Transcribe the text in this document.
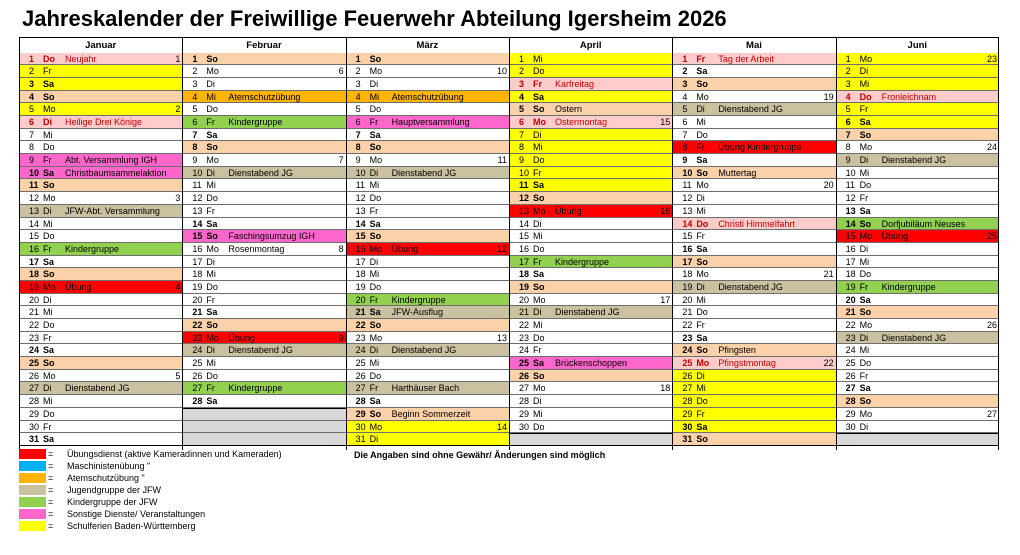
Jahreskalender der Freiwillige Feuerwehr Abteilung Igersheim 2026
Januar
1 Do	Neujahr	1
2 Fr
3 Sa
4 So
5 Mo	2
6 Di	Heilige Drei Könige
7 Mi
8 Do
9 Fr	Abt. Versammlung IGH
10 Sa	Christbaumsammelaktion
11 So
12 Mo	3
13 Di	JFW-Abt. Versammlung
14 Mi
15 Do
16 Fr	Kindergruppe
17 Sa
18 So
19 Mo	Übung	4
20 Di
21 Mi
22 Do
23 Fr
24 Sa
25 So
26 Mo	5
27 Di	Dienstabend JG
28 Mi
29 Do
30 Fr
31 Sa
Februar
1 So
2 Mo	6
3 Di
4 Mi	Atemschutzübung
5 Do
6 Fr	Kindergruppe
7 Sa
8 So
9 Mo	7
10 Di	Dienstabend JG
11 Mi
12 Do
13 Fr
14 Sa
15 So	Faschingsumzug IGH
16 Mo	Rosenmontag	8
17 Di
18 Mi
19 Do
20 Fr
21 Sa
22 So
23 Mo	Übung	9
24 Di	Dienstabend JG
25 Mi
26 Do
27 Fr	Kindergruppe
28 Sa
März
1 So
2 Mo	10
3 Di
4 Mi	Atemschutzübung
5 Do
6 Fr	Hauptversammlung
7 Sa
8 So
9 Mo	11
10 Di	Dienstabend JG
11 Mi
12 Do
13 Fr
14 Sa
15 So
16 Mo	Übung	12
17 Di
18 Mi
19 Do
20 Fr	Kindergruppe
21 Sa	JFW-Ausflug
22 So
23 Mo	13
24 Di	Dienstabend JG
25 Mi
26 Do
27 Fr	Harthäuser Bach
28 Sa
29 So	Beginn Sommerzeit
30 Mo	14
31 Di
April
1 Mi
2 Do
3 Fr	Karfreitag
4 Sa
5 So	Ostern
6 Mo	Ostermontag	15
7 Di
8 Mi
9 Do
10 Fr
11 Sa
12 So
13 Mo	Übung	16
14 Di
15 Mi
16 Do
17 Fr	Kindergruppe
18 Sa
19 So
20 Mo	17
21 Di	Dienstabend JG
22 Mi
23 Do
24 Fr
25 Sa	Brückenschoppen
26 So
27 Mo	18
28 Di
29 Mi
30 Do
Mai
1 Fr	Tag der Arbeit
2 Sa
3 So
4 Mo	19
5 Di	Dienstabend JG
6 Mi
7 Do
8 Fr	Übung Kindergruppe
9 Sa
10 So	Muttertag
11 Mo	20
12 Di
13 Mi
14 Do	Christi Himmelfahrt
15 Fr
16 Sa
17 So
18 Mo	21
19 Di	Dienstabend JG
20 Mi
21 Do
22 Fr
23 Sa
24 So	Pfingsten
25 Mo	Pfingstmontag	22
26 Di
27 Mi
28 Do
29 Fr
30 Sa
31 So
Juni
1 Mo	23
2 Di
3 Mi
4 Do	Fronleichnam
5 Fr
6 Sa
7 So
8 Mo	24
9 Di	Dienstabend JG
10 Mi
11 Do
12 Fr
13 Sa
14 So	Dorfjubiläum Neuses
15 Mo	Übung	25
16 Di
17 Mi
18 Do
19 Fr	Kindergruppe
20 Sa
21 So
22 Mo	26
23 Di	Dienstabend JG
24 Mi
25 Do
26 Fr
27 Sa
28 So
29 Mo	27
30 Di
= Übungsdienst (aktive Kameradinnen und Kameraden)
= Maschinistenübung "
= Atemschutzübung "
= Jugendgruppe der JFW
= Kindergruppe der JFW
= Sonstige Dienste/ Veranstaltungen
= Schulferien Baden-Württemberg
Die Angaben sind ohne Gewähr/ Änderungen sind möglich
